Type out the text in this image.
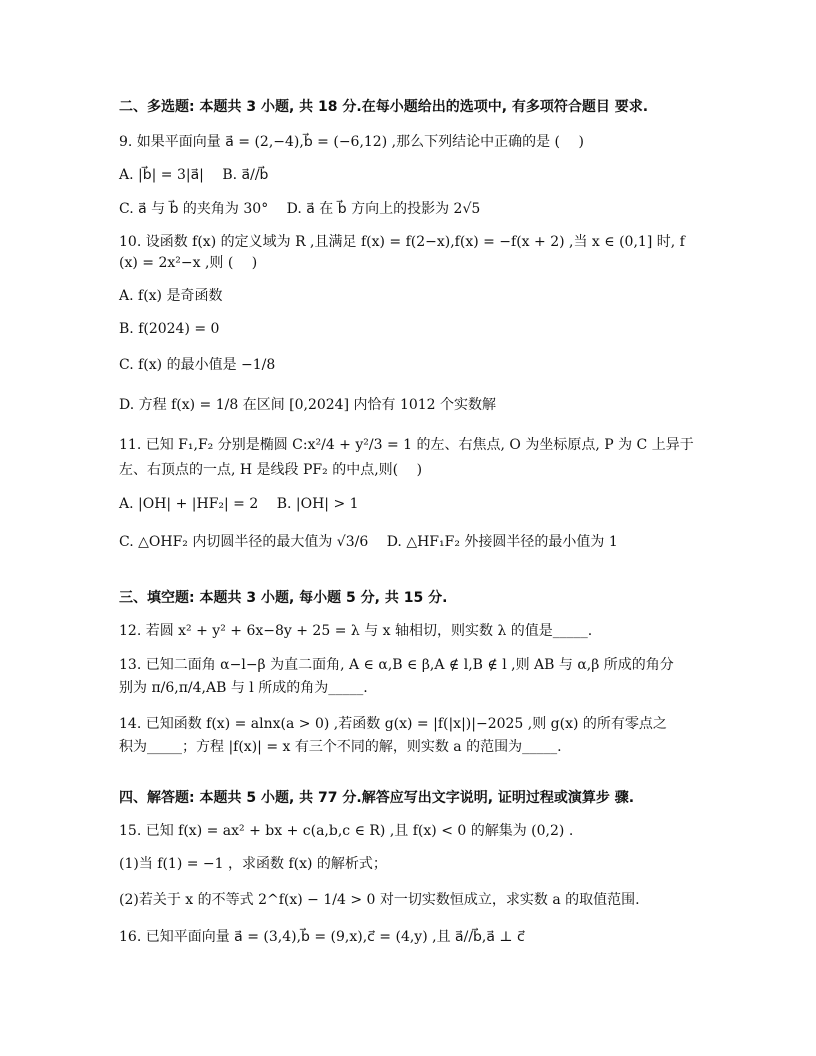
二、多选题: 本题共 3 小题, 共 18 分.在每小题给出的选项中, 有多项符合题目 要求.
9. 如果平面向量 a⃗ = (2,−4),b⃗ = (−6,12) ,那么下列结论中正确的是 (　 )
A. |b⃗| = 3|a⃗|　 B. a⃗//b⃗
C. a⃗ 与 b⃗ 的夹角为 30°　 D. a⃗ 在 b⃗ 方向上的投影为 2√5
10. 设函数 f(x) 的定义域为 R ,且满足 f(x) = f(2−x),f(x) = −f(x + 2) ,当 x ∈ (0,1] 时, f
(x) = 2x²−x ,则 (　 )
A. f(x) 是奇函数
B. f(2024) = 0
C. f(x) 的最小值是 −1/8
D. 方程 f(x) = 1/8 在区间 [0,2024] 内恰有 1012 个实数解
11. 已知 F₁,F₂ 分别是椭圆 C:x²/4 + y²/3 = 1 的左、右焦点, O 为坐标原点, P 为 C 上异于
左、右顶点的一点, H 是线段 PF₂ 的中点,则(　 )
A. |OH| + |HF₂| = 2　 B. |OH| > 1
C. △OHF₂ 内切圆半径的最大值为 √3/6　 D. △HF₁F₂ 外接圆半径的最小值为 1
三、填空题: 本题共 3 小题, 每小题 5 分, 共 15 分.
12. 若圆 x² + y² + 6x−8y + 25 = λ 与 x 轴相切，则实数 λ 的值是_____.
13. 已知二面角 α−l−β 为直二面角, A ∈ α,B ∈ β,A ∉ l,B ∉ l ,则 AB 与 α,β 所成的角分
别为 π/6,π/4,AB 与 l 所成的角为_____.
14. 已知函数 f(x) = alnx(a > 0) ,若函数 g(x) = |f(|x|)|−2025 ,则 g(x) 的所有零点之
积为_____；方程 |f(x)| = x 有三个不同的解，则实数 a 的范围为_____.
四、解答题: 本题共 5 小题, 共 77 分.解答应写出文字说明, 证明过程或演算步 骤.
15. 已知 f(x) = ax² + bx + c(a,b,c ∈ R) ,且 f(x) < 0 的解集为 (0,2) .
(1)当 f(1) = −1 ，求函数 f(x) 的解析式；
(2)若关于 x 的不等式 2^f(x) − 1/4 > 0 对一切实数恒成立，求实数 a 的取值范围.
16. 已知平面向量 a⃗ = (3,4),b⃗ = (9,x),c⃗ = (4,y) ,且 a⃗//b⃗,a⃗ ⊥ c⃗
